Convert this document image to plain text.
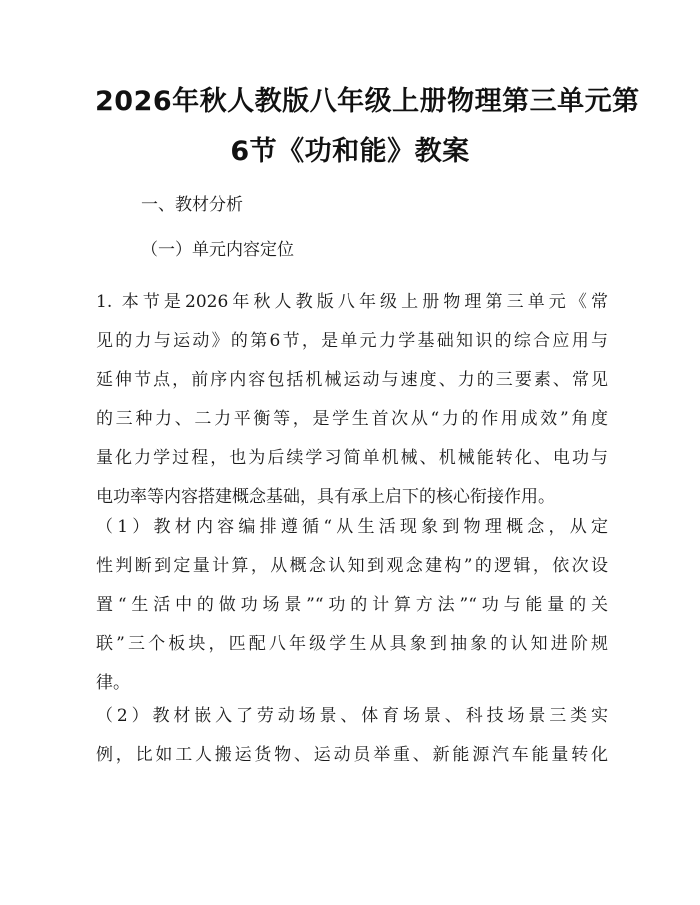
2026年秋人教版八年级上册物理第三单元第
6节《功和能》教案

一、教材分析

（一）单元内容定位

1. 本节是2026年秋人教版八年级上册物理第三单元《常
见的力与运动》的第6节，是单元力学基础知识的综合应用与
延伸节点，前序内容包括机械运动与速度、力的三要素、常见
的三种力、二力平衡等，是学生首次从“力的作用成效”角度
量化力学过程，也为后续学习简单机械、机械能转化、电功与
电功率等内容搭建概念基础，具有承上启下的核心衔接作用。

（1）教材内容编排遵循“从生活现象到物理概念，从定
性判断到定量计算，从概念认知到观念建构”的逻辑，依次设
置“生活中的做功场景”“功的计算方法”“功与能量的关
联”三个板块，匹配八年级学生从具象到抽象的认知进阶规
律。

（2）教材嵌入了劳动场景、体育场景、科技场景三类实
例，比如工人搬运货物、运动员举重、新能源汽车能量转化
